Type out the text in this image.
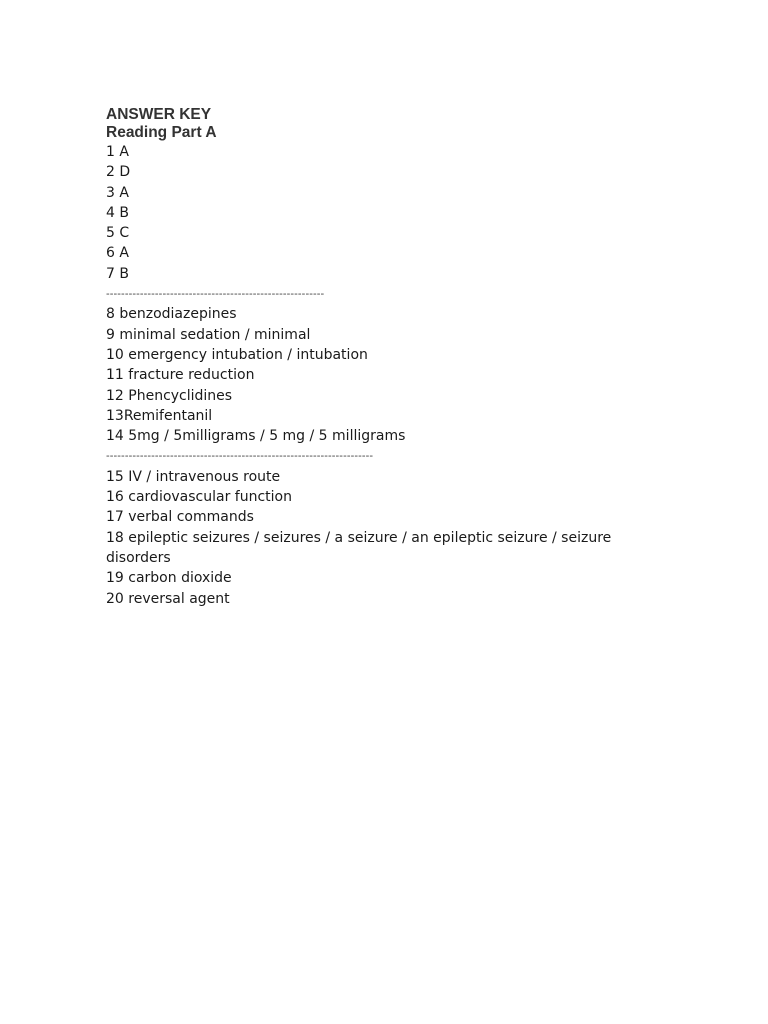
ANSWER KEY
Reading Part A
1 A
2 D
3 A
4 B
5 C
6 A
7 B
----------------------------------------------------------
8 benzodiazepines
9 minimal sedation / minimal
10 emergency intubation / intubation
11 fracture reduction
12 Phencyclidines
13Remifentanil
14 5mg / 5milligrams / 5 mg / 5 milligrams
-----------------------------------------------------------------------
15 IV / intravenous route
16 cardiovascular function
17 verbal commands
18 epileptic seizures / seizures / a seizure / an epileptic seizure / seizure disorders
19 carbon dioxide
20 reversal agent
